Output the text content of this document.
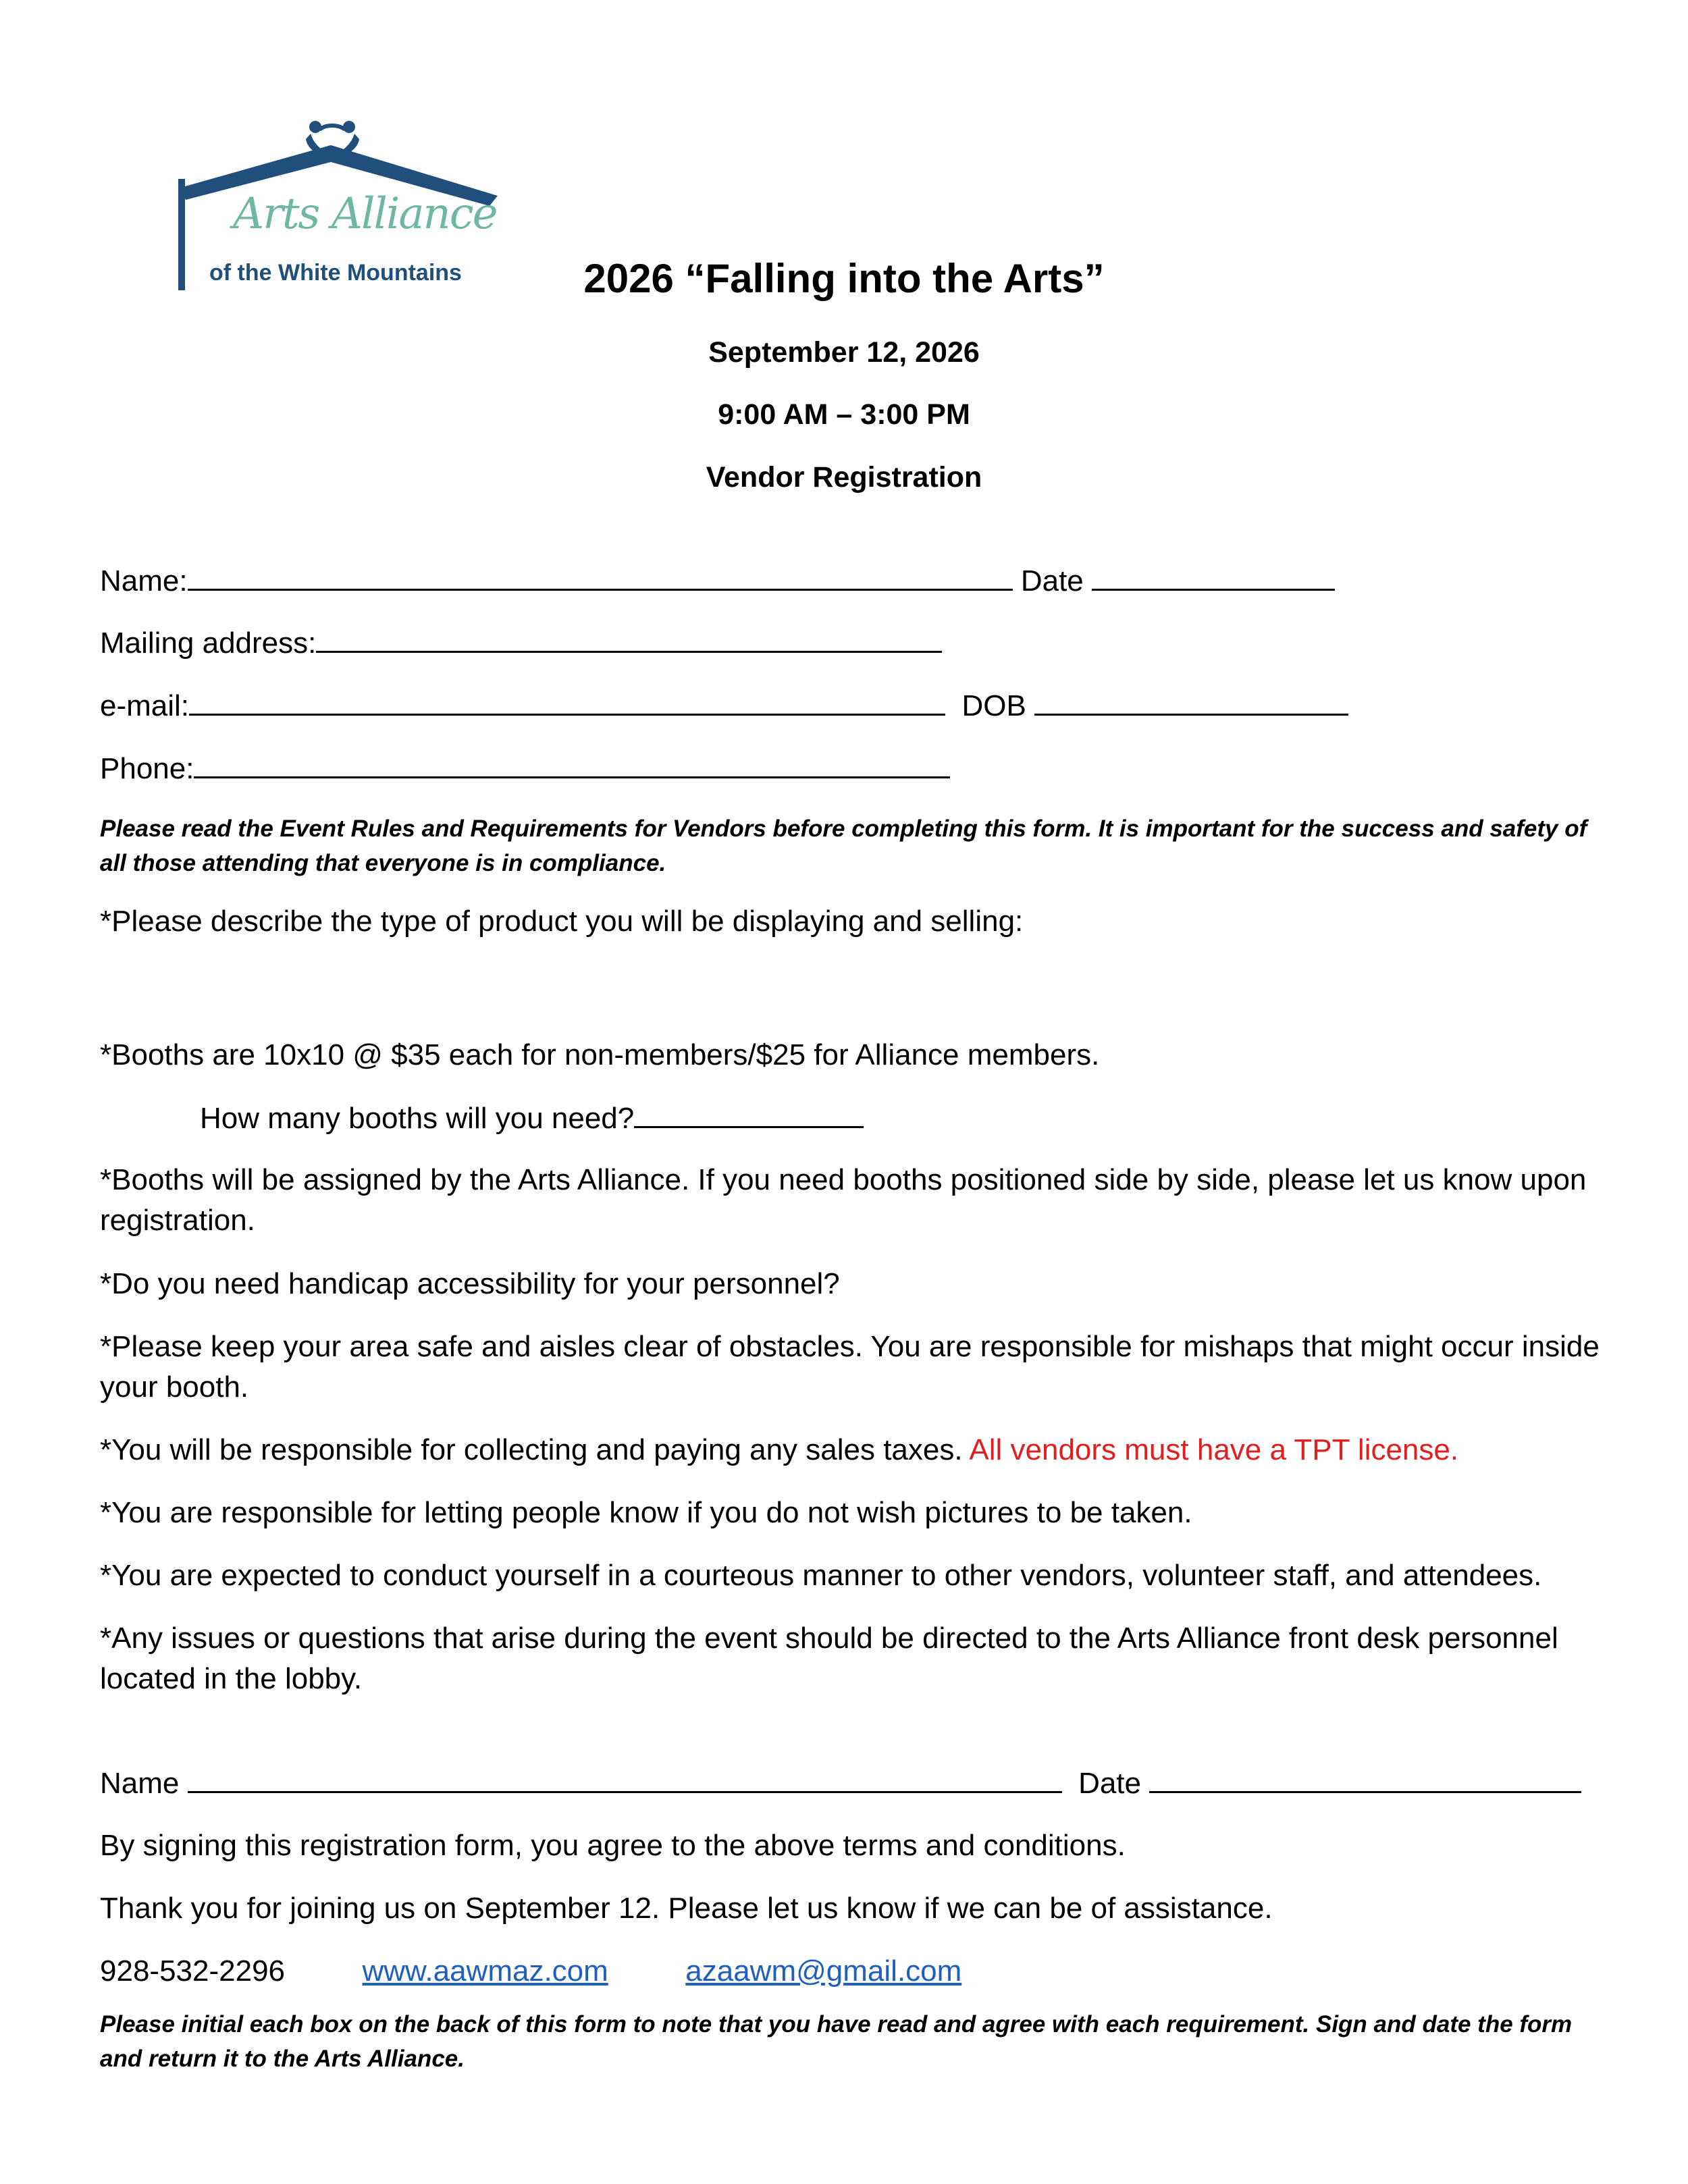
Arts Alliance
of the White Mountains	2026 “Falling into the Arts”
September 12, 2026
9:00 AM – 3:00 PM
Vendor Registration
Name:	Date
Mailing address:
e-mail:	DOB
Phone:
Please read the Event Rules and Requirements for Vendors before completing this form. It is important for the success and safety of all those attending that everyone is in compliance.
*Please describe the type of product you will be displaying and selling:
*Booths are 10x10 @ $35 each for non-members/$25 for Alliance members.
How many booths will you need?
*Booths will be assigned by the Arts Alliance. If you need booths positioned side by side, please let us know upon registration.
*Do you need handicap accessibility for your personnel?
*Please keep your area safe and aisles clear of obstacles. You are responsible for mishaps that might occur inside your booth.
*You will be responsible for collecting and paying any sales taxes. All vendors must have a TPT license.
*You are responsible for letting people know if you do not wish pictures to be taken.
*You are expected to conduct yourself in a courteous manner to other vendors, volunteer staff, and attendees.
*Any issues or questions that arise during the event should be directed to the Arts Alliance front desk personnel located in the lobby.
Name	Date
By signing this registration form, you agree to the above terms and conditions.
Thank you for joining us on September 12. Please let us know if we can be of assistance.
928-532-2296	www.aawmaz.com	azaawm@gmail.com
Please initial each box on the back of this form to note that you have read and agree with each requirement. Sign and date the form and return it to the Arts Alliance.
